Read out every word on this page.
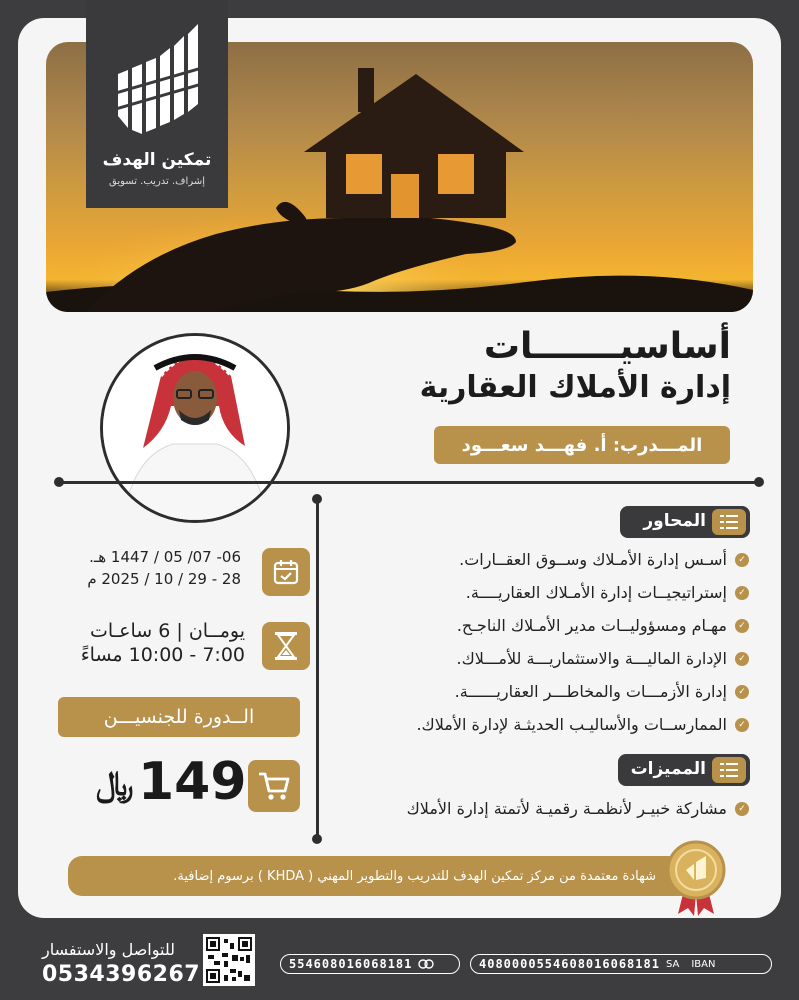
تمكين الهدف
إشراف. تدريب. تسويق
أساسيـــــــات
إدارة الأملاك العقارية
المـــدرب: أ. فهـــد سعـــود
المحاور
✓
أسـس إدارة الأمـلاك وســوق العقــارات.
✓
إستراتيجيــات إدارة الأمـلاك العقاريــــة.
✓
مهـام ومسؤوليــات مدير الأمـلاك الناجـح.
✓
الإدارة الماليـــة والاستثماريـــة للأمـــلاك.
✓
إدارة الأزمـــات والمخاطـــر العقاريــــــة.
✓
الممارســات والأساليـب الحديثـة لإدارة الأملاك.
المميزات
✓
مشاركة خبيـر لأنظمـة رقميـة لأتمتة إدارة الأملاك
06- 07/ 05 / 1447 هـ.
28 - 29 / 10 / 2025 م
يومــان | 6 ساعـات
7:00 - 10:00 مساءً
الــدورة للجنسيـــن
149
﷼
شهادة معتمدة من مركز تمكين الهدف للتدريب والتطوير المهني ( KHDA ) برسوم إضافية.
للتواصل والاستفسار
0534396267	554608016068181	4080000554608016068181 SA IBAN
